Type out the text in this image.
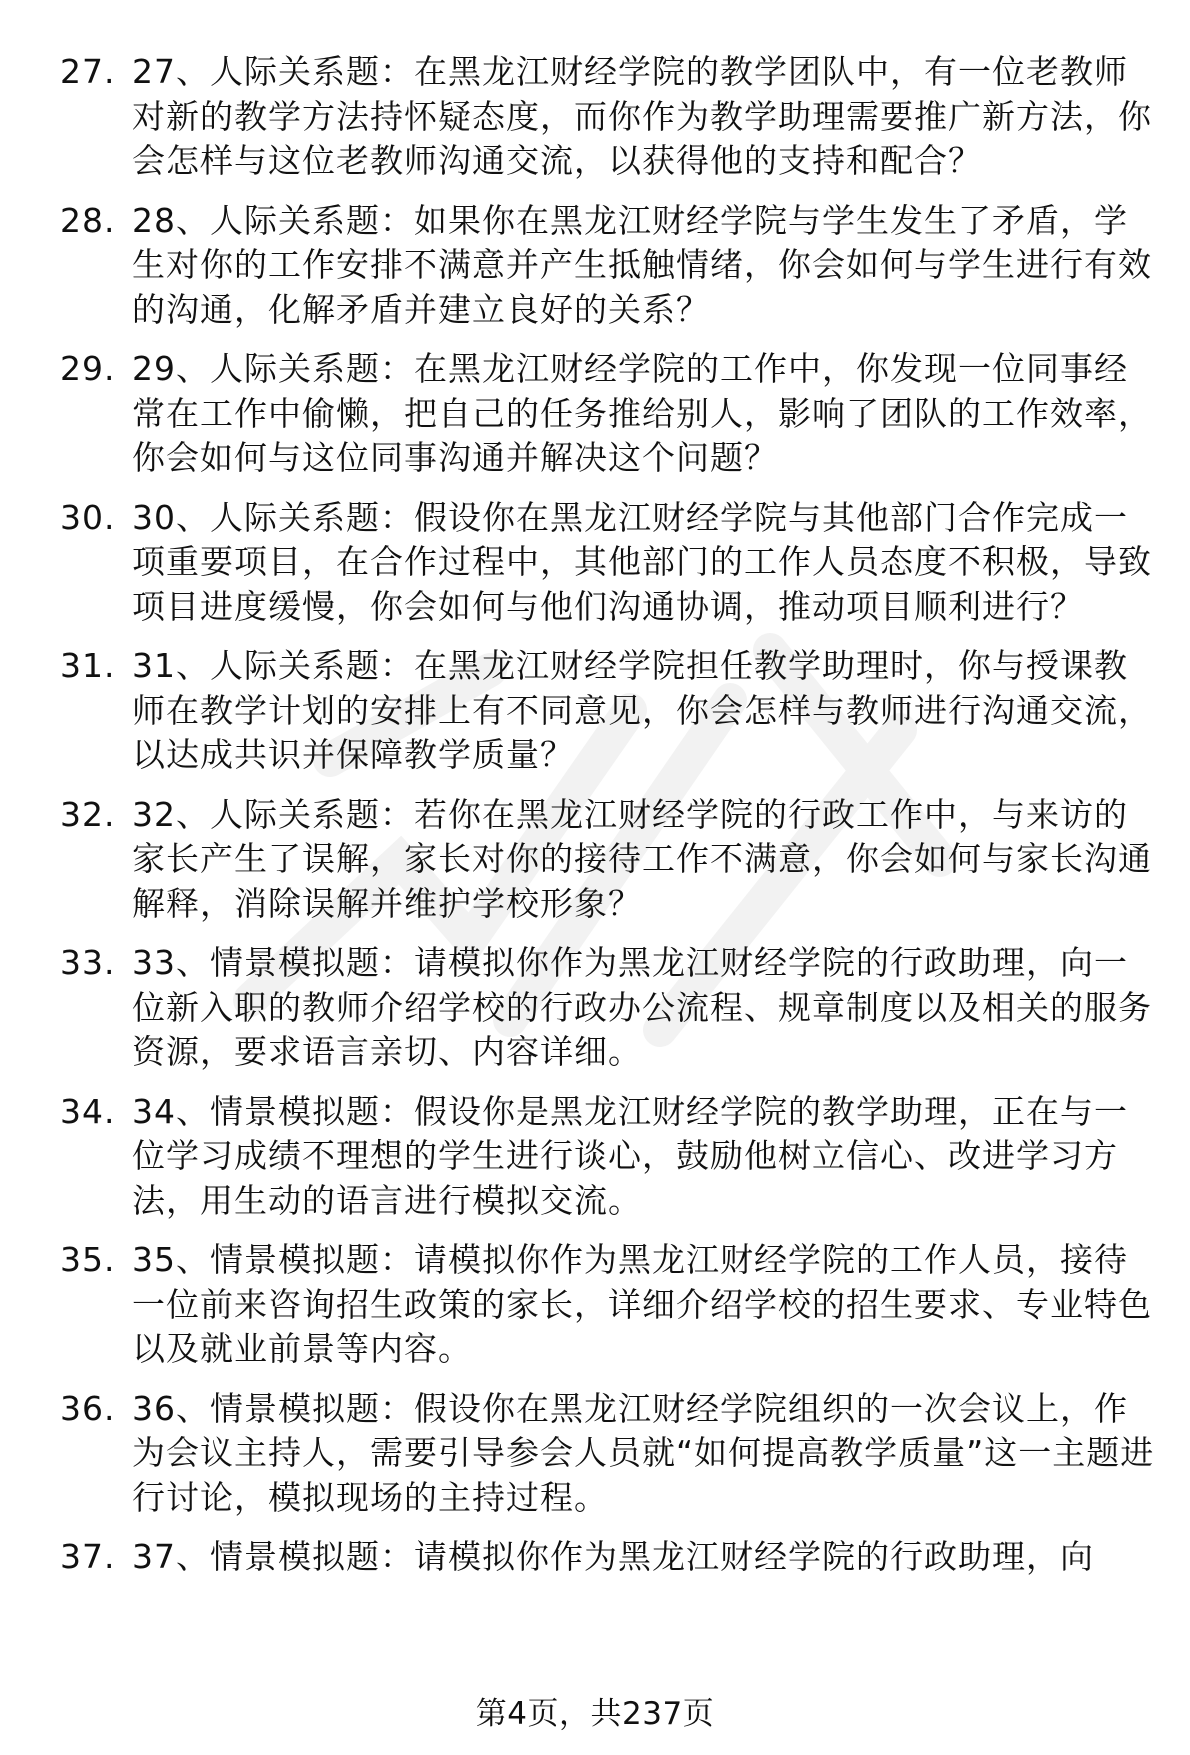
27. 27、人际关系题：在黑龙江财经学院的教学团队中，有一位老教师对新的教学方法持怀疑态度，而你作为教学助理需要推广新方法，你会怎样与这位老教师沟通交流，以获得他的支持和配合？
28. 28、人际关系题：如果你在黑龙江财经学院与学生发生了矛盾，学生对你的工作安排不满意并产生抵触情绪，你会如何与学生进行有效的沟通，化解矛盾并建立良好的关系？
29. 29、人际关系题：在黑龙江财经学院的工作中，你发现一位同事经常在工作中偷懒，把自己的任务推给别人，影响了团队的工作效率，你会如何与这位同事沟通并解决这个问题？
30. 30、人际关系题：假设你在黑龙江财经学院与其他部门合作完成一项重要项目，在合作过程中，其他部门的工作人员态度不积极，导致项目进度缓慢，你会如何与他们沟通协调，推动项目顺利进行？
31. 31、人际关系题：在黑龙江财经学院担任教学助理时，你与授课教师在教学计划的安排上有不同意见，你会怎样与教师进行沟通交流，以达成共识并保障教学质量？
32. 32、人际关系题：若你在黑龙江财经学院的行政工作中，与来访的家长产生了误解，家长对你的接待工作不满意，你会如何与家长沟通解释，消除误解并维护学校形象？
33. 33、情景模拟题：请模拟你作为黑龙江财经学院的行政助理，向一位新入职的教师介绍学校的行政办公流程、规章制度以及相关的服务资源，要求语言亲切、内容详细。
34. 34、情景模拟题：假设你是黑龙江财经学院的教学助理，正在与一位学习成绩不理想的学生进行谈心，鼓励他树立信心、改进学习方法，用生动的语言进行模拟交流。
35. 35、情景模拟题：请模拟你作为黑龙江财经学院的工作人员，接待一位前来咨询招生政策的家长，详细介绍学校的招生要求、专业特色以及就业前景等内容。
36. 36、情景模拟题：假设你在黑龙江财经学院组织的一次会议上，作为会议主持人，需要引导参会人员就“如何提高教学质量”这一主题进行讨论，模拟现场的主持过程。
37. 37、情景模拟题：请模拟你作为黑龙江财经学院的行政助理，向
第4页，共237页
